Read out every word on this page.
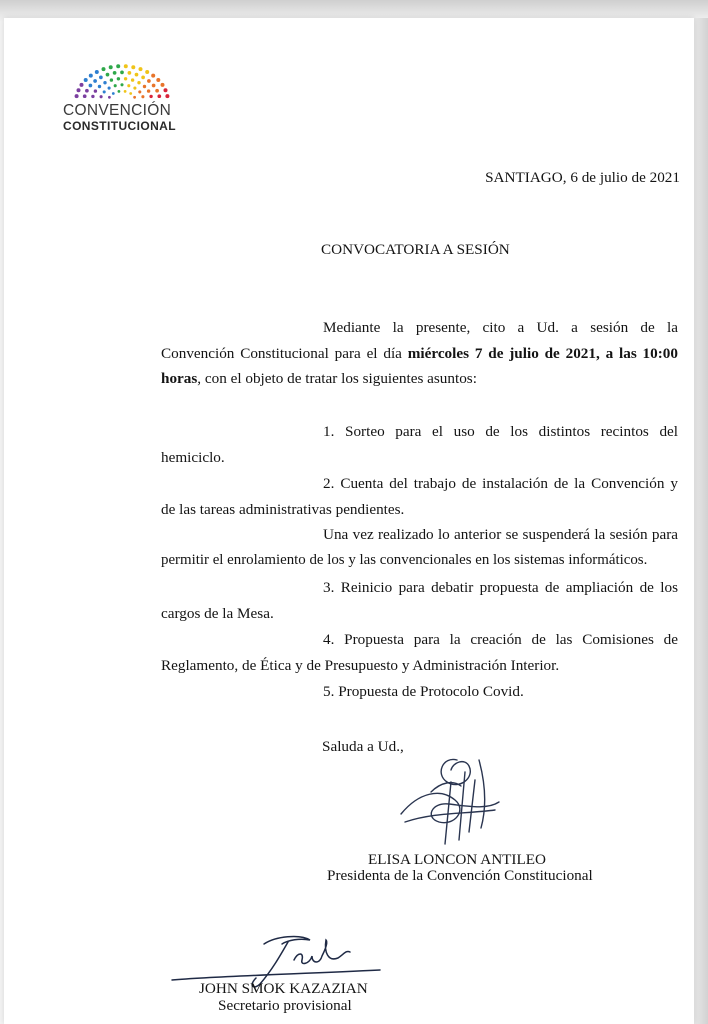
CONVENCIÓN
CONSTITUCIONAL
SANTIAGO, 6 de julio de 2021
CONVOCATORIA A SESIÓN
Mediante la presente, cito a Ud. a sesión de la
Convención Constitucional para el día miércoles 7 de julio de 2021, a las 10:00
horas, con el objeto de tratar los siguientes asuntos:
1. Sorteo para el uso de los distintos recintos del
hemiciclo.
2. Cuenta del trabajo de instalación de la Convención y
de las tareas administrativas pendientes.
Una vez realizado lo anterior se suspenderá la sesión para
permitir el enrolamiento de los y las convencionales en los sistemas informáticos.
3. Reinicio para debatir propuesta de ampliación de los
cargos de la Mesa.
4. Propuesta para la creación de las Comisiones de
Reglamento, de Ética y de Presupuesto y Administración Interior.
5. Propuesta de Protocolo Covid.
Saluda a Ud.,
ELISA LONCON ANTILEO
Presidenta de la Convención Constitucional
JOHN SMOK KAZAZIAN
Secretario provisional
